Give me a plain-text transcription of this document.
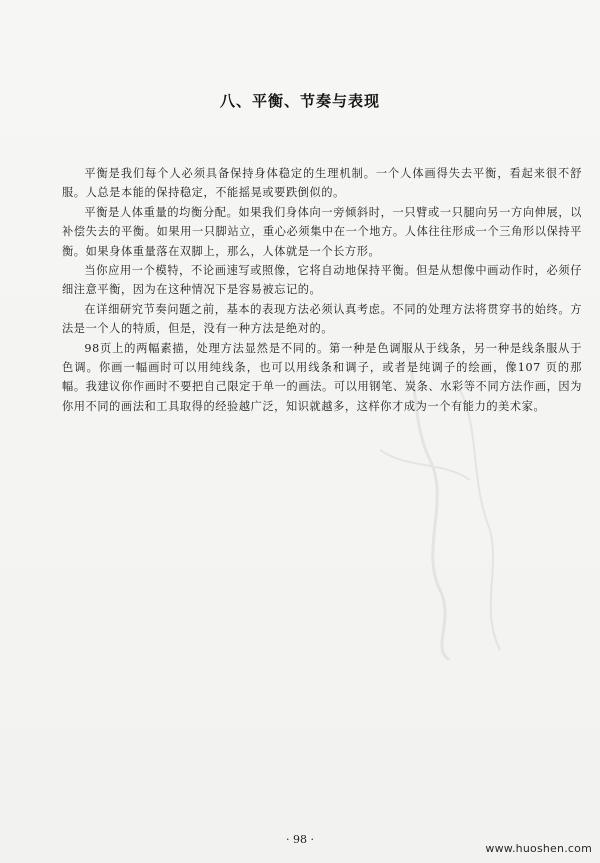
八、平衡、节奏与表现

平衡是我们每个人必须具备保持身体稳定的生理机制。一个人体画得失去平衡，看起来很不舒服。人总是本能的保持稳定，不能摇晃或要跌倒似的。

平衡是人体重量的均衡分配。如果我们身体向一旁倾斜时，一只臂或一只腿向另一方向伸展，以补偿失去的平衡。如果用一只脚站立，重心必须集中在一个地方。人体往往形成一个三角形以保持平衡。如果身体重量落在双脚上，那么，人体就是一个长方形。

当你应用一个模特，不论画速写或照像，它将自动地保持平衡。但是从想像中画动作时，必须仔细注意平衡，因为在这种情况下是容易被忘记的。

在详细研究节奏问题之前，基本的表现方法必须认真考虑。不同的处理方法将贯穿书的始终。方法是一个人的特质，但是，没有一种方法是绝对的。

98页上的两幅素描，处理方法显然是不同的。第一种是色调服从于线条，另一种是线条服从于色调。你画一幅画时可以用纯线条，也可以用线条和调子，或者是纯调子的绘画，像107 页的那幅。我建议你作画时不要把自己限定于单一的画法。可以用钢笔、炭条、水彩等不同方法作画，因为你用不同的画法和工具取得的经验越广泛，知识就越多，这样你才成为一个有能力的美术家。

· 98 ·
www.huoshen.com
